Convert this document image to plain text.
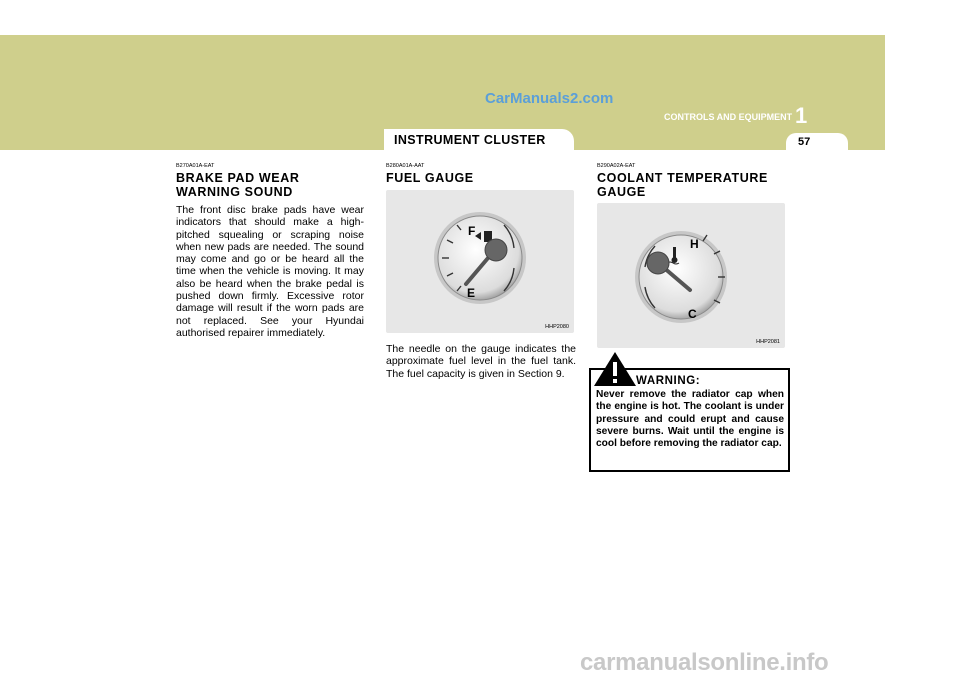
CarManuals2.com
CONTROLS AND EQUIPMENT 1
INSTRUMENT CLUSTER	57
B270A01A-EAT
BRAKE PAD WEAR WARNING SOUND
The front disc brake pads have wear indicators that should make a high-pitched squealing or scraping noise when new pads are needed. The sound may come and go or be heard all the time when the vehicle is moving. It may also be heard when the brake pedal is pushed down firmly. Excessive rotor damage will result if the worn pads are not replaced. See your Hyundai authorised repairer immediately.
B280A01A-AAT
FUEL GAUGE
F
E
HHP2080
The needle on the gauge indicates the approximate fuel level in the fuel tank. The fuel capacity is given in Section 9.
B290A02A-EAT
COOLANT TEMPERATURE GAUGE
H
C
HHP2081
Never remove the radiator cap when the engine is hot. The coolant is under pressure and could erupt and cause severe burns. Wait until the engine is cool before removing the radiator cap.
WARNING:
carmanualsonline.info
